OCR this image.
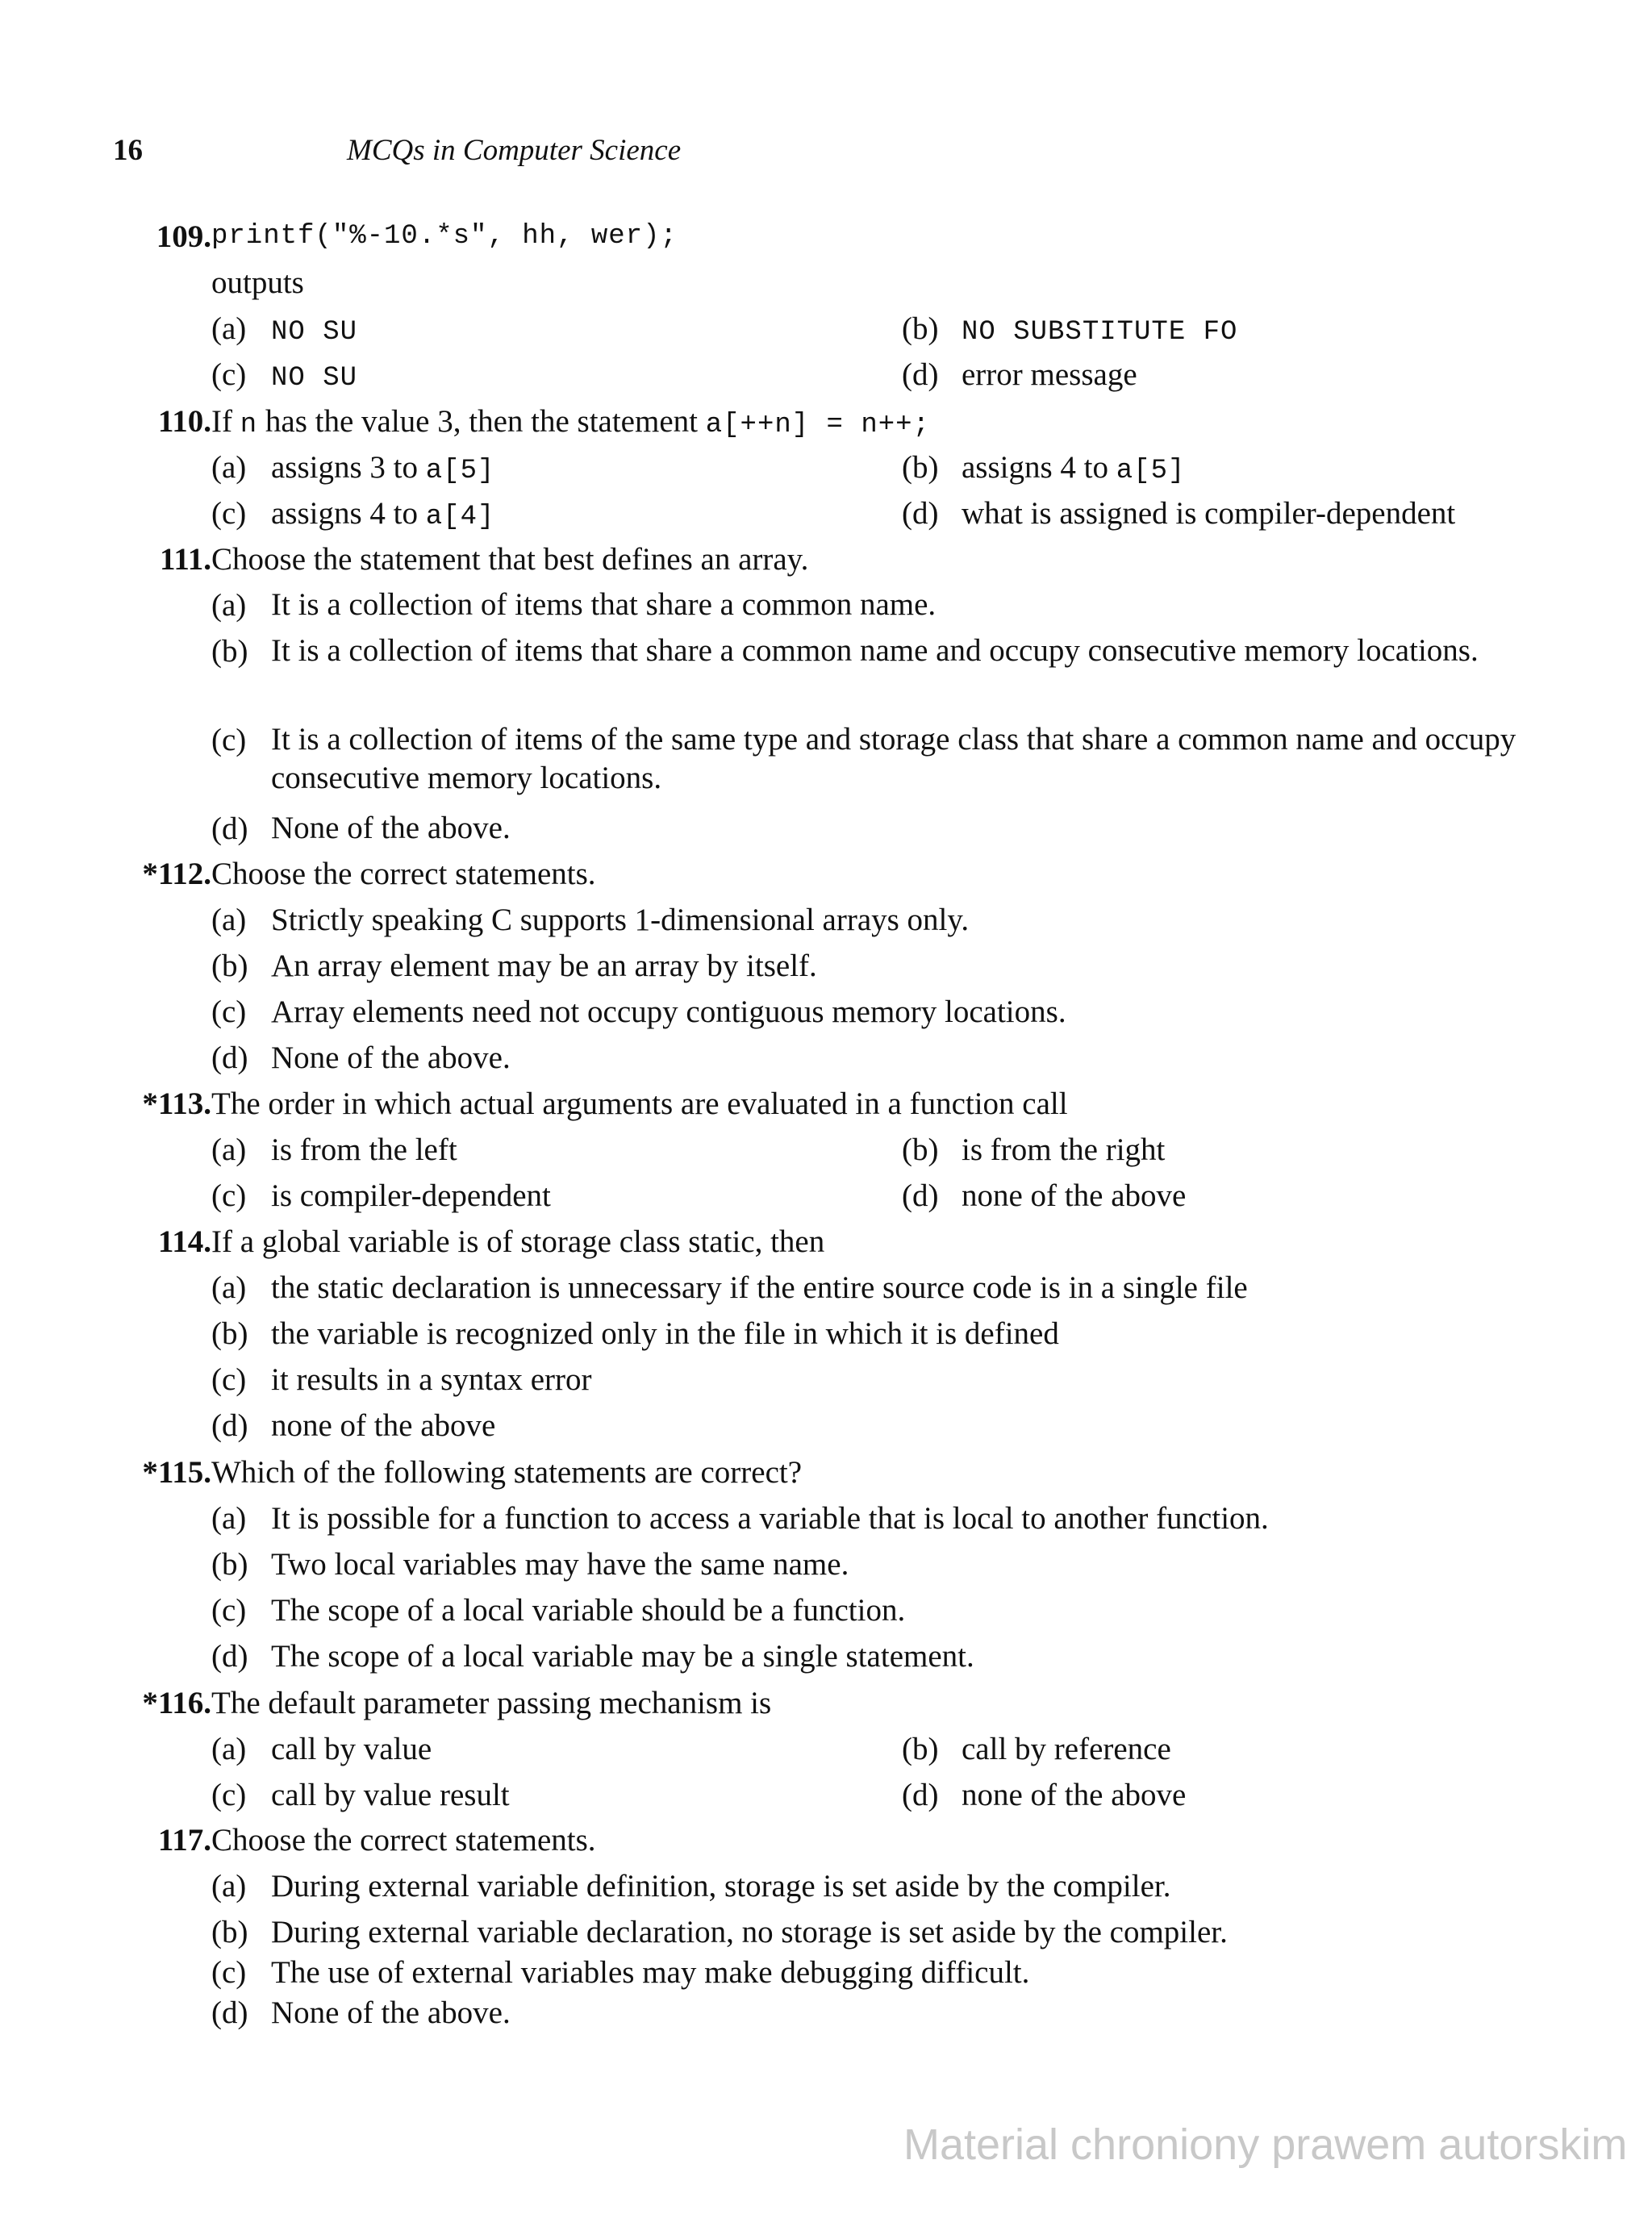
16	MCQs in Computer Science
109. printf("%-10.*s", hh, wer);
outputs
(a) NO SU	(b) NO SUBSTITUTE FO
(c) NO SU	(d) error message
110. If n has the value 3, then the statement a[++n] = n++;
(a) assigns 3 to a[5]	(b) assigns 4 to a[5]
(c) assigns 4 to a[4]	(d) what is assigned is compiler-dependent
111. Choose the statement that best defines an array.
(a) It is a collection of items that share a common name.
(b) It is a collection of items that share a common name and occupy consecutive memory locations.
(c) It is a collection of items of the same type and storage class that share a common name and occupy consecutive memory locations.
(d) None of the above.
*112. Choose the correct statements.
(a) Strictly speaking C supports 1-dimensional arrays only.
(b) An array element may be an array by itself.
(c) Array elements need not occupy contiguous memory locations.
(d) None of the above.
*113. The order in which actual arguments are evaluated in a function call
(a) is from the left	(b) is from the right
(c) is compiler-dependent	(d) none of the above
114. If a global variable is of storage class static, then
(a) the static declaration is unnecessary if the entire source code is in a single file
(b) the variable is recognized only in the file in which it is defined
(c) it results in a syntax error
(d) none of the above
*115. Which of the following statements are correct?
(a) It is possible for a function to access a variable that is local to another function.
(b) Two local variables may have the same name.
(c) The scope of a local variable should be a function.
(d) The scope of a local variable may be a single statement.
*116. The default parameter passing mechanism is
(a) call by value	(b) call by reference
(c) call by value result	(d) none of the above
117. Choose the correct statements.
(a) During external variable definition, storage is set aside by the compiler.
(b) During external variable declaration, no storage is set aside by the compiler.
(c) The use of external variables may make debugging difficult.
(d) None of the above.
Material chroniony prawem autorskim
